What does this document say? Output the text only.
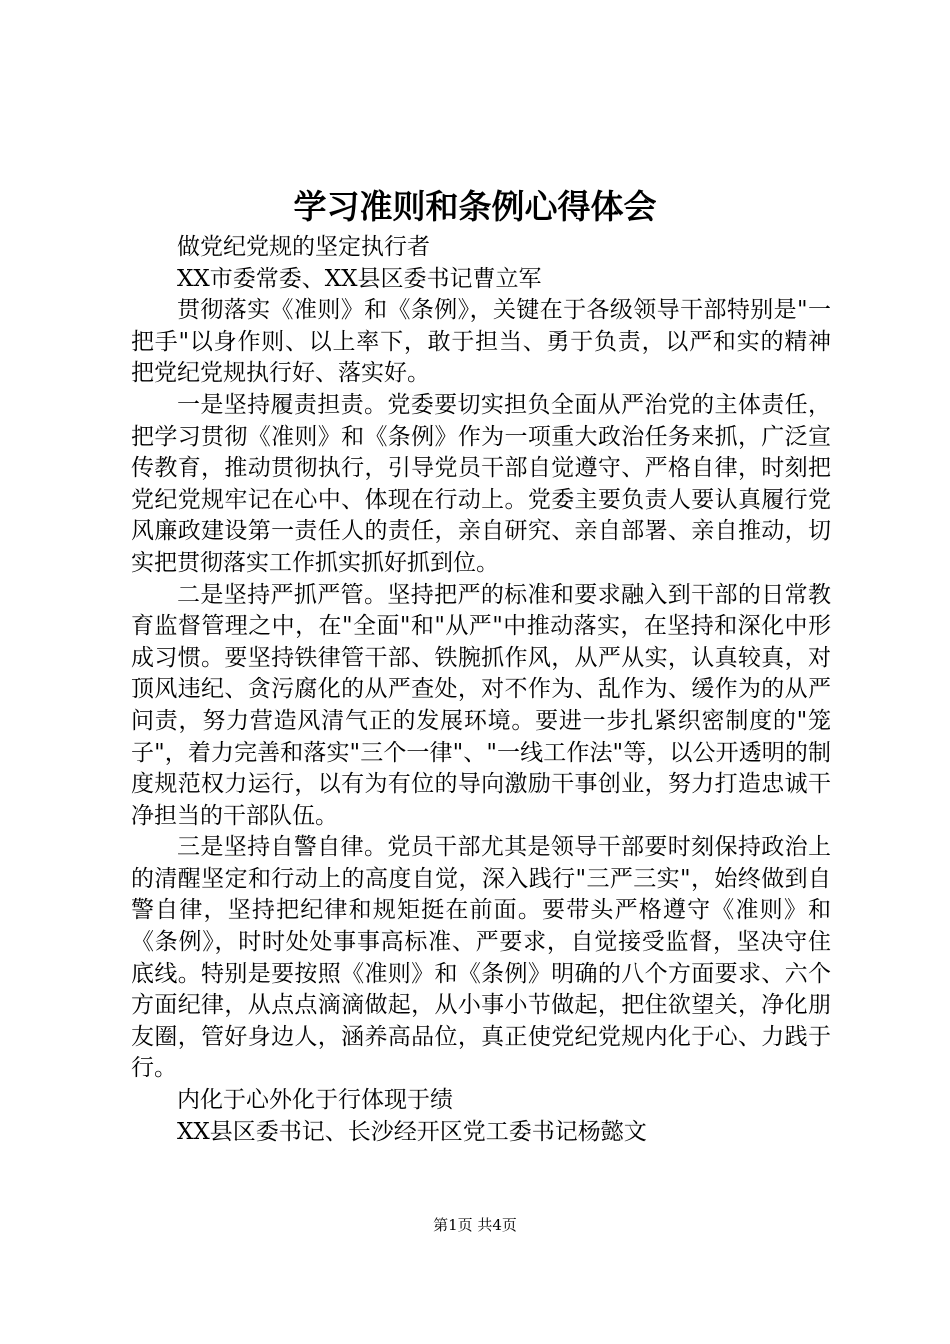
学习准则和条例心得体会

做党纪党规的坚定执行者

XX市委常委、XX县区委书记曹立军

贯彻落实《准则》和《条例》，关键在于各级领导干部特别是"一把手"以身作则、以上率下，敢于担当、勇于负责，以严和实的精神把党纪党规执行好、落实好。

一是坚持履责担责。党委要切实担负全面从严治党的主体责任，把学习贯彻《准则》和《条例》作为一项重大政治任务来抓，广泛宣传教育，推动贯彻执行，引导党员干部自觉遵守、严格自律，时刻把党纪党规牢记在心中、体现在行动上。党委主要负责人要认真履行党风廉政建设第一责任人的责任，亲自研究、亲自部署、亲自推动，切实把贯彻落实工作抓实抓好抓到位。

二是坚持严抓严管。坚持把严的标准和要求融入到干部的日常教育监督管理之中，在"全面"和"从严"中推动落实，在坚持和深化中形成习惯。要坚持铁律管干部、铁腕抓作风，从严从实，认真较真，对顶风违纪、贪污腐化的从严查处，对不作为、乱作为、缓作为的从严问责，努力营造风清气正的发展环境。要进一步扎紧织密制度的"笼子"，着力完善和落实"三个一律"、"一线工作法"等，以公开透明的制度规范权力运行，以有为有位的导向激励干事创业，努力打造忠诚干净担当的干部队伍。

三是坚持自警自律。党员干部尤其是领导干部要时刻保持政治上的清醒坚定和行动上的高度自觉，深入践行"三严三实"，始终做到自警自律，坚持把纪律和规矩挺在前面。要带头严格遵守《准则》和《条例》，时时处处事事高标准、严要求，自觉接受监督，坚决守住底线。特别是要按照《准则》和《条例》明确的八个方面要求、六个方面纪律，从点点滴滴做起，从小事小节做起，把住欲望关，净化朋友圈，管好身边人，涵养高品位，真正使党纪党规内化于心、力践于行。

内化于心外化于行体现于绩

XX县区委书记、长沙经开区党工委书记杨懿文

第1页 共4页
